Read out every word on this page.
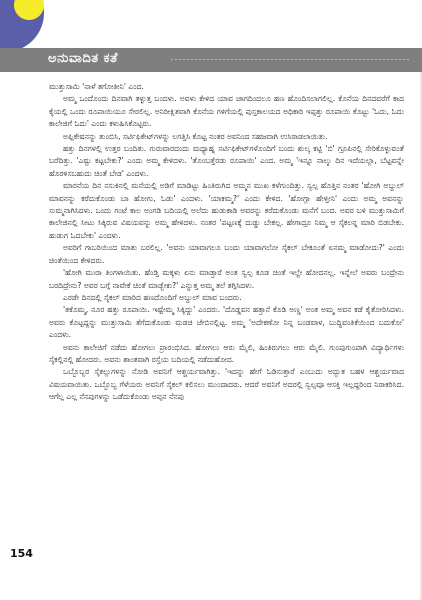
ಅನುವಾದಿತ ಕತೆ

ಮುತ್ತುಸಾಮಿ 'ನಾಳೆ ತಗೋತೀನಿ' ಎಂದ.

ಅಮ್ಮ ಒಂದೊಂದು ದಿನವಾಗಿ ತಳ್ಳುತ್ತ ಬಂದಳು. ಅವಳು ಕೇಳಿದ ಯಾವ ಜಾಗದಿಂದಲೂ ಹಣ ಹೊಂದಿಸಲಾಗಲಿಲ್ಲ. ಕೊನೆಯ ದಿನದವರೆಗೆ ಕಾದ ಕೈಯಲ್ಲಿ ಒಂದು ರೂಪಾಯಿಯೂ ಸೇರಲಿಲ್ಲ. ಅನಿರೀಕ್ಷಿತವಾಗಿ ಕೊನೆಯ ಗಳಿಗೆಯಲ್ಲಿ ಪುಸ್ತಕಾಲಯದ ಅಧಿಕಾರಿ ಇಪ್ಪತ್ತು ರೂಪಾಯಿ ಕೊಟ್ಟು 'ಓದು, ಓದು ಕಾಲೇಜಿಗೆ ಓದು' ಎಂದು ಕಳುಹಿಸಿಕೊಟ್ಟರು.

ಅಪ್ಲಿಕೇಷನನ್ನು ತುಂಬಿಸಿ, ಸರ್ಟಿಫಿಕೇಟ್‌ಗಳನ್ನು ಲಗತ್ತಿಸಿ ಕೊಟ್ಟ ನಂತರ ಅವನಿಂದ ಸಹಜವಾಗಿ ಉಸಿರಾಡಲಾಯಿತು.

ಹತ್ತು ದಿನಗಳಲ್ಲಿ ಉತ್ತರ ಬಂದಿತು. ಗುರುವಾರದಂದು ಮಧ್ಯಾಹ್ನ ಸರ್ಟಿಫಿಕೇಟ್‌ಗಳೊಂದಿಗೆ ಬಂದು ಶುಲ್ಕ ಕಟ್ಟಿ 'ಬಿ' ಗ್ರೂಪಿನಲ್ಲಿ ಸೇರಿಕೊಳ್ಳುವಂತೆ ಬರೆದಿತ್ತು. 'ಎಷ್ಟು ಕಟ್ಟಬೇಕು?' ಎಂದು ಅಮ್ಮ ಕೇಳಿದಳು. 'ತೊಂಬತ್ತೆರಡು ರೂಪಾಯಿ' ಎಂದ. ಅಮ್ಮ 'ಇನ್ನೂ ನಾಲ್ಕು ದಿನ ಇದೆಯಲ್ಲಾ, ಬೆಟ್ಟವನ್ನೇ ಹೊರಳಿಸಬಹುದು ಚಿಂತೆ ಬೇಡ' ಎಂದಳು.

ಮಾರನೆಯ ದಿನ ನಸುಕಿನಲ್ಲಿ ಮನೆಯಲ್ಲಿ ಅಡಿಗೆ ಮಾಡಿಟ್ಟು ಹಿಂತಿರುಗಿದ ಅಮ್ಮನ ಮುಖ ಕಳೆಗುಂದಿತ್ತು. ಸ್ವಲ್ಪ ಹೊತ್ತಿನ ನಂತರ 'ಹೋಗಿ ಅಬ್ದುಲ್ ಮಾವನನ್ನು ಕರೆದುಕೊಂಡು ಬಾ ಹೋಗು, ಓಡು' ಎಂದಳು. 'ಯಾಕಮ್ಮ?' ಎಂದು ಕೇಳಿದ. 'ಹೋಗ್ಲಾ ಹೇಳ್ತೀನಿ' ಎಂದು ಅಮ್ಮ ಅವನನ್ನು ಸುಮ್ಮನಾಗಿಸಿದಳು. ಒಂದು ಗಂಟೆ ಕಾಲ ಅಂಗಡಿ ಬದಿಯಲ್ಲಿ ಅಲೆದು ಹುಡುಕಾಡಿ ಅವರನ್ನು ಕರೆದುಕೊಂಡು ಮನೆಗೆ ಬಂದ. ಅವರ ಬಳಿ ಮುತ್ತುಸಾಮಿಗೆ ಕಾಲೇಜಿನಲ್ಲಿ ಸೀಟು ಸಿಕ್ಕಿರುವ ವಿಷಯವನ್ನು ಅಮ್ಮ ಹೇಳಿದಳು. ನಂತರ 'ಪಟ್ಟಣಕ್ಕೆ ದುಡ್ಡು ಬೇಕಲ್ಲ. ಹೇಗಾದ್ರೂ ನಿಮ್ಮ ಆ ಸೈಕಲನ್ನ ಮಾರಿ ಬಿಡಬೇಕು. ಹುಡುಗ ಓದಬೇಕು' ಎಂದಳು.

ಅವರಿಗೆ ಗಾಬರಿಯಿಂದ ಮಾತು ಬರಲಿಲ್ಲ. 'ಅವನು ಯಾವಾಗಲೂ ಬಂದು ಯಾವಾಗಲೋ ಸೈಕಲ್ ಬೇಕೂಂತೆ ಏನಮ್ಮ ಮಾಡೋದು?' ಎಂದು ಚಿಂತೆಯಿಂದ ಕೇಳಿದರು.

'ಹೋಗಿ ಮುರಾ ತಿಂಗಳಾಯಿತು. ಹೆಂಡ್ತಿ ಮಕ್ಕಳು ಏನು ಮಾಡ್ತಾರೆ ಅಂತ ಸ್ವಲ್ಪ ಕೂಡ ಚಿಂತೆ ಇಲ್ದೇ ಹೋದನಲ್ಲ. ಇನ್ನೇಲೆ ಅವರು ಬಂದ್ರೇನು ಬರದಿದ್ರೇನು? ಅವರ ಬಗ್ಗೆ ನಾವೇಕೆ ಚಿಂತೆ ಮಾಡ್ಬೇಕು?' ಎನ್ನುತ್ತ ಅಮ್ಮ ತಲೆ ತಗ್ಗಿಸಿದಳು.

ಎರಡೇ ದಿನದಲ್ಲಿ ಸೈಕಲ್ ಮಾರಿದ ಹಣದೊಂದಿಗೆ ಅಬ್ದುಲ್ ಮಾವ ಬಂದರು.

'ತಕೊಮ್ಮ, ನೂರ ಹತ್ತು ರೂಪಾಯಿ. ಇಷ್ಟೇಮ್ಮ ಸಿಕ್ಕಿದ್ದು' ಎಂದರು. 'ದೊಡ್ಡವನ ಹತ್ತಾನೆ ಕೊಡಿ ಅಣ್ಣ' ಅಂತ ಅಮ್ಮ ಅವನ ಕಡೆ ಕೈತೋರಿಸಿದಳು. ಅವರು ಕೊಟ್ಟದ್ದನ್ನು ಮುತ್ತುಸಾಮಿ ತೆಗೆದುಕೊಂಡು ಮಡಚಿ ಜೇಬಿನಲ್ಲಿಟ್ಟ. ಅಮ್ಮ 'ಅದೇಕಣೋ ನಿನ್ನ ಬಂಡವಾಳ, ಬುದ್ಧಿವಂತಿಕೆಯಿಂದ ಬದುಕೋ' ಎಂದಳು.

ಅವನು ಕಾಲೇಜಿಗೆ ನಡೆದು ಹೋಗಲು ಪ್ರಾರಂಭಿಸಿದ. ಹೋಗಲು ಆರು ಮೈಲಿ, ಹಿಂತಿರುಗಲು ಆರು ಮೈಲಿ. ಗುಂಪುಗುಂಪಾಗಿ ವಿದ್ಯಾರ್ಥಿಗಳು ಸೈಕಲ್ಲಿನಲ್ಲಿ ಹೋದರು. ಅವನು ಶಾಂತವಾಗಿ ರಸ್ತೆಯ ಬದಿಯಲ್ಲಿ ನಡೆದುಹೋದ.

ಒಬ್ಬೊಬ್ಬರ ಸೈಕಲ್ಲುಗಳನ್ನು ನೋಡಿ ಅವನಿಗೆ ಆಶ್ಚರ್ಯವಾಗಿತ್ತು. 'ಇದನ್ನು ಹೇಗೆ ಓಡಿಸುತ್ತಾರೆ ಎಂಬುದು ಅದ್ಭುತ ಬಹಳ ಆಶ್ಚರ್ಯವಾದ ವಿಷಯವಾಯಿತು. ಒಬ್ಬೊಬ್ಬ ಗೆಳೆಯರು ಅವನಿಗೆ ಸೈಕಲ್ ಕಲಿಸಲು ಮುಂದಾದರು. ಆದರೆ ಅವನಿಗೆ ಅದರಲ್ಲಿ ಸ್ವಲ್ಪವೂ ಆಸಕ್ತಿ ಇಲ್ಲದ್ದರಿಂದ ನಿರಾಕರಿಸಿದ. ಆಗೆಲ್ಲ ಎಲ್ಲ ನೆನಪುಗಳನ್ನು ಒಡೆದುಕೊಂಡು ಅಪ್ಪನ ನೆನಪು

154
